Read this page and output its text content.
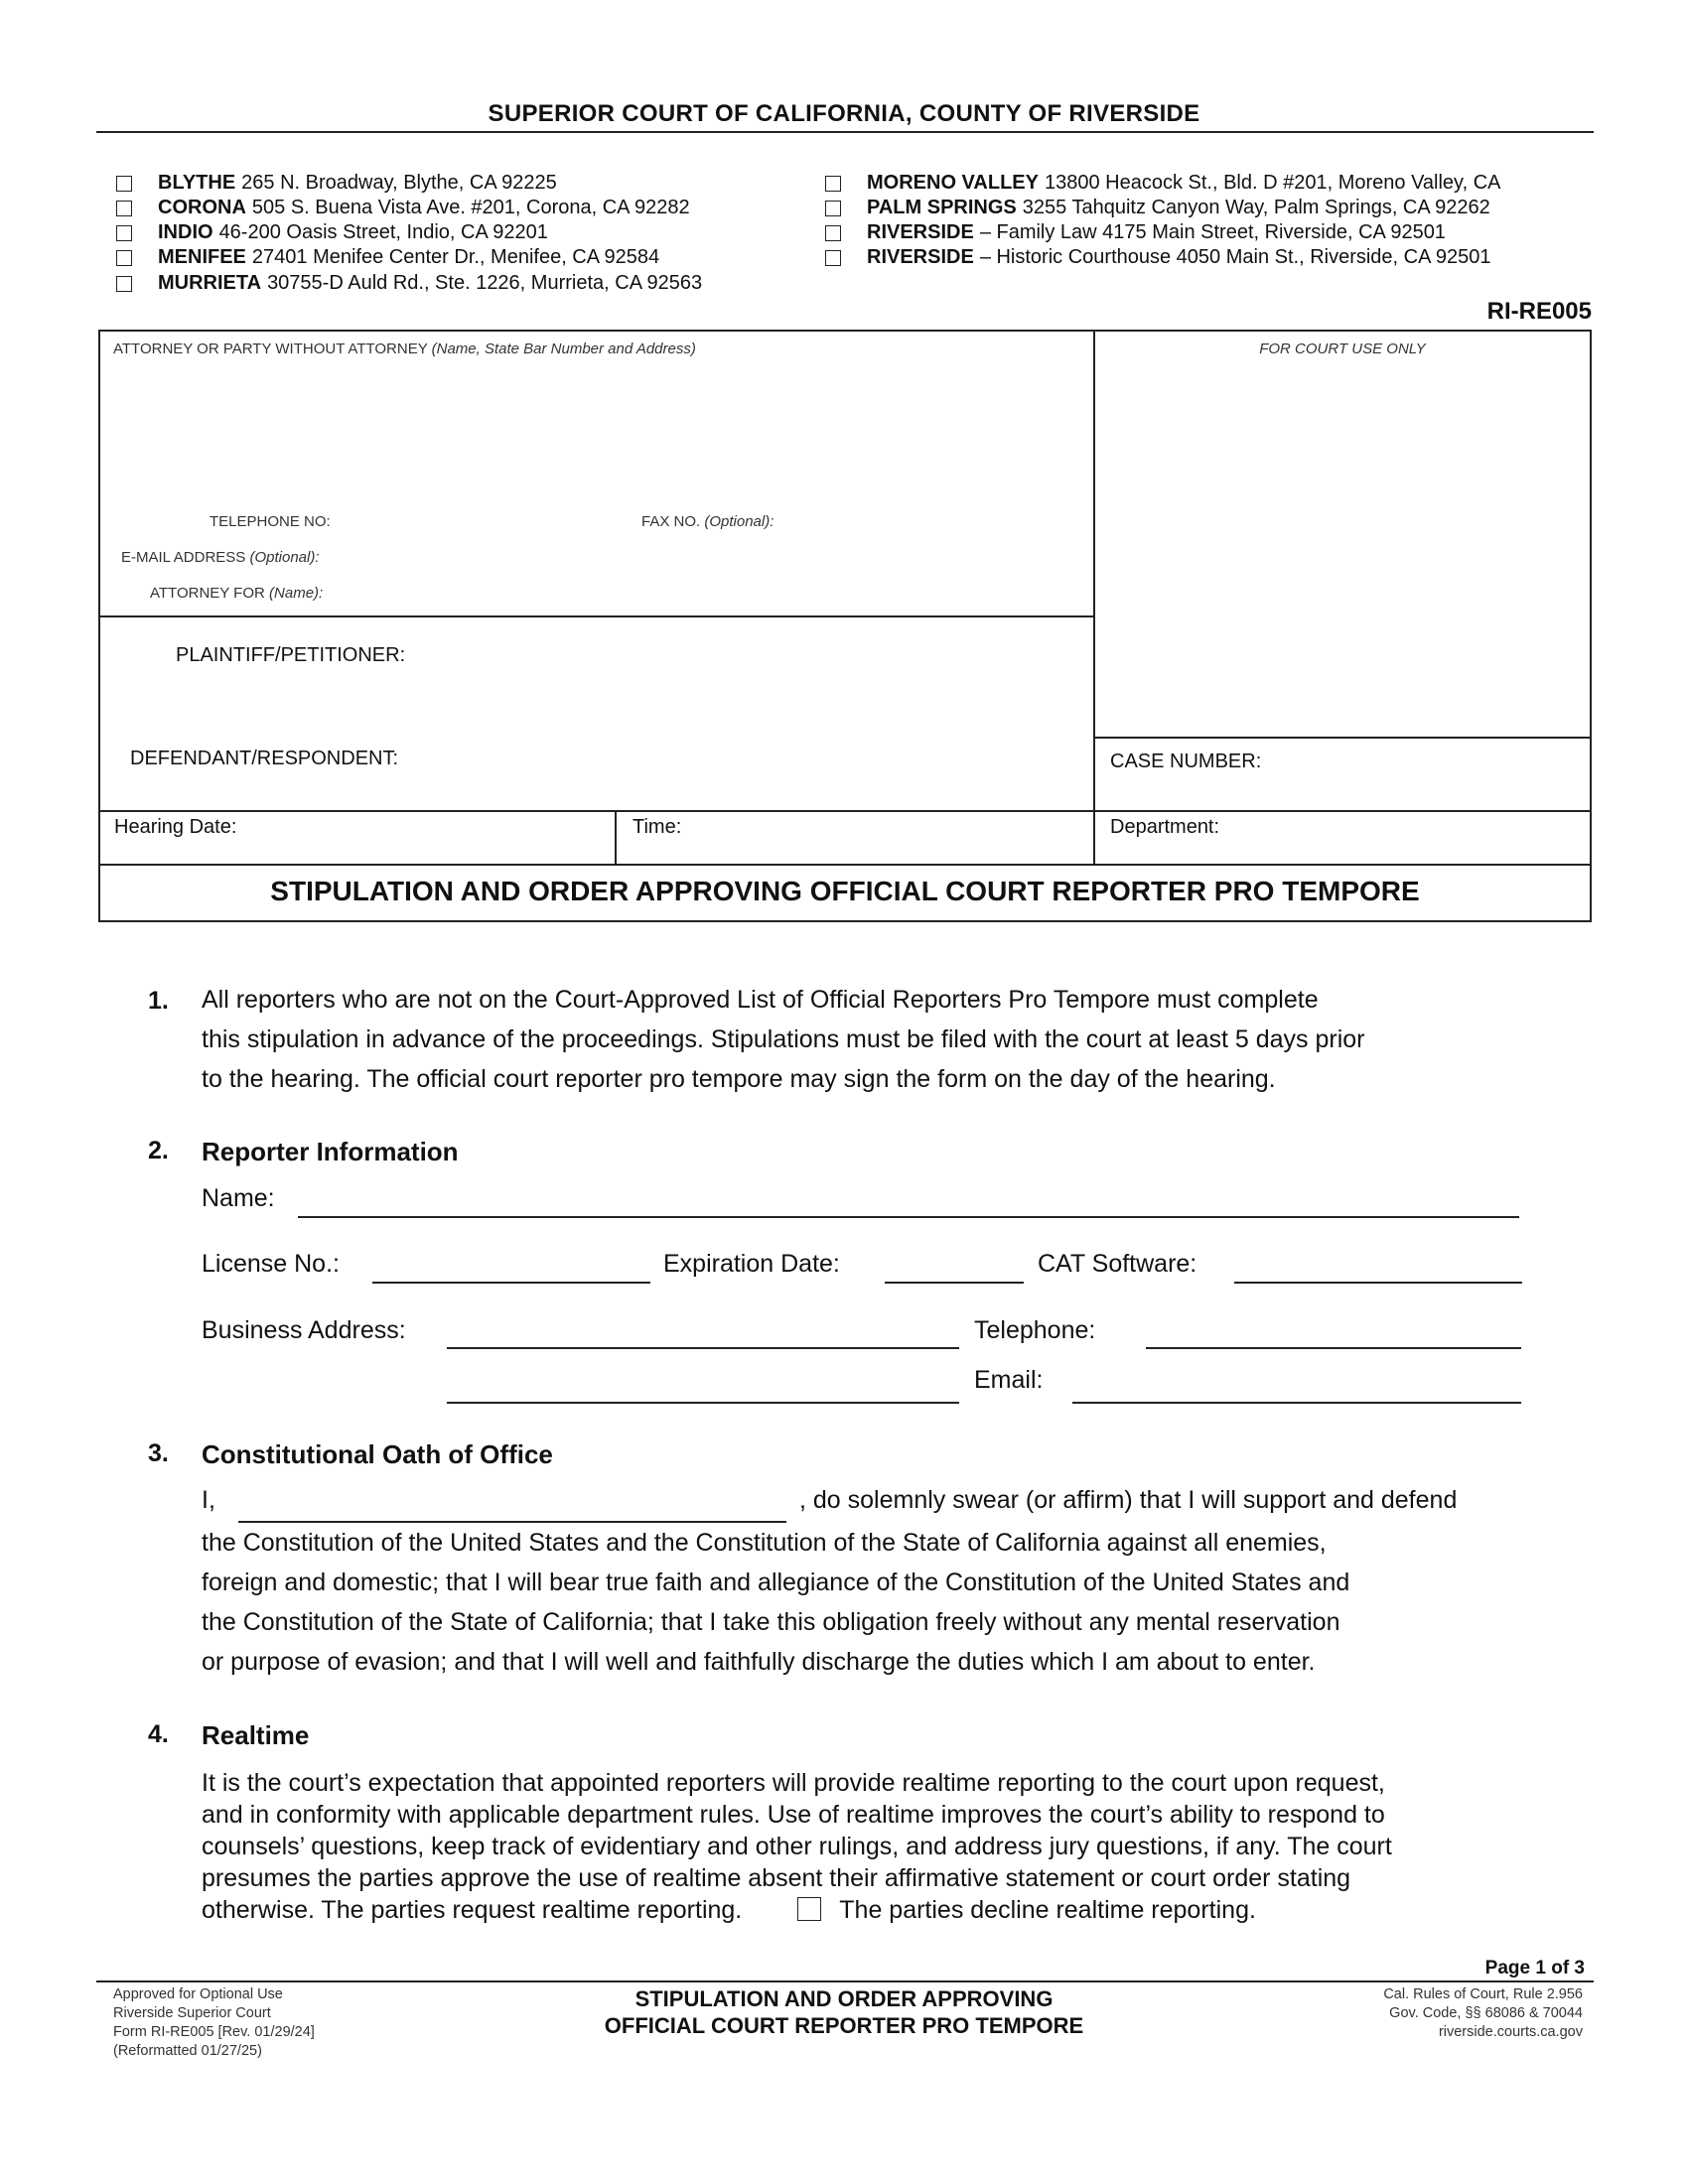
SUPERIOR COURT OF CALIFORNIA, COUNTY OF RIVERSIDE
BLYTHE 265 N. Broadway, Blythe, CA 92225
CORONA 505 S. Buena Vista Ave. #201, Corona, CA 92282
INDIO 46-200 Oasis Street, Indio, CA 92201
MENIFEE 27401 Menifee Center Dr., Menifee, CA 92584
MURRIETA 30755-D Auld Rd., Ste. 1226, Murrieta, CA 92563
MORENO VALLEY 13800 Heacock St., Bld. D #201, Moreno Valley, CA
PALM SPRINGS 3255 Tahquitz Canyon Way, Palm Springs, CA 92262
RIVERSIDE – Family Law 4175 Main Street, Riverside, CA 92501
RIVERSIDE – Historic Courthouse 4050 Main St., Riverside, CA 92501
RI-RE005
ATTORNEY OR PARTY WITHOUT ATTORNEY (Name, State Bar Number and Address)	FOR COURT USE ONLY
TELEPHONE NO:	FAX NO. (Optional):
E-MAIL ADDRESS (Optional):
ATTORNEY FOR (Name):
PLAINTIFF/PETITIONER:
DEFENDANT/RESPONDENT:	CASE NUMBER:
Hearing Date:	Time:	Department:
STIPULATION AND ORDER APPROVING OFFICIAL COURT REPORTER PRO TEMPORE
1. All reporters who are not on the Court-Approved List of Official Reporters Pro Tempore must complete
this stipulation in advance of the proceedings. Stipulations must be filed with the court at least 5 days prior
to the hearing. The official court reporter pro tempore may sign the form on the day of the hearing.
2. Reporter Information
Name:
License No.:	Expiration Date:	CAT Software:
Business Address:	Telephone:
Email:
3. Constitutional Oath of Office
I,	, do solemnly swear (or affirm) that I will support and defend
the Constitution of the United States and the Constitution of the State of California against all enemies,
foreign and domestic; that I will bear true faith and allegiance of the Constitution of the United States and
the Constitution of the State of California; that I take this obligation freely without any mental reservation
or purpose of evasion; and that I will well and faithfully discharge the duties which I am about to enter.
4. Realtime
It is the court’s expectation that appointed reporters will provide realtime reporting to the court upon request,
and in conformity with applicable department rules. Use of realtime improves the court’s ability to respond to
counsels’ questions, keep track of evidentiary and other rulings, and address jury questions, if any. The court
presumes the parties approve the use of realtime absent their affirmative statement or court order stating
otherwise. The parties request realtime reporting.	The parties decline realtime reporting.
Page 1 of 3
Approved for Optional Use
Riverside Superior Court
Form RI-RE005 [Rev. 01/29/24]
(Reformatted 01/27/25)
STIPULATION AND ORDER APPROVING
OFFICIAL COURT REPORTER PRO TEMPORE
Cal. Rules of Court, Rule 2.956
Gov. Code, §§ 68086 & 70044
riverside.courts.ca.gov
